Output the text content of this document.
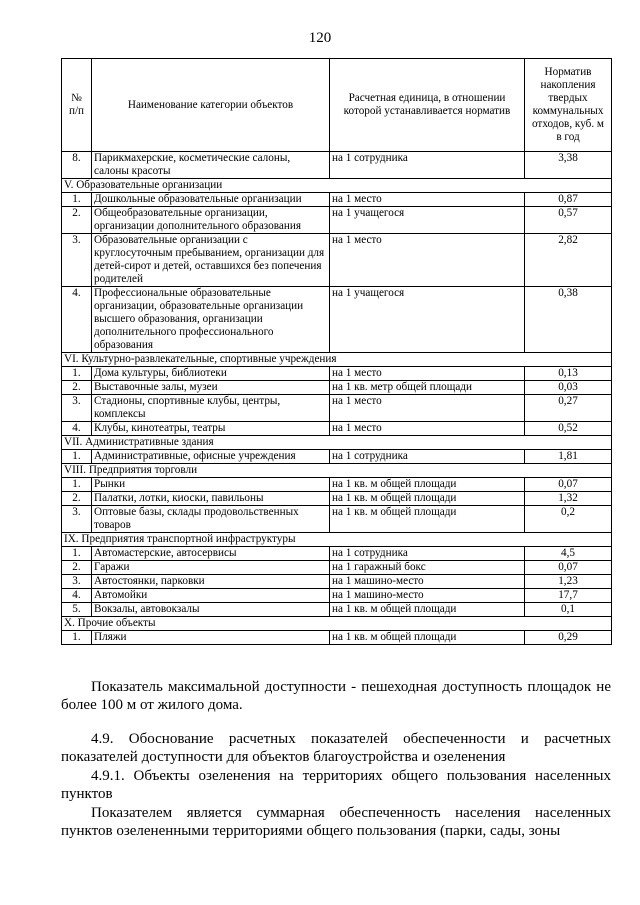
120
№ п/п	Наименование категории объектов	Расчетная единица, в отношении которой устанавливается норматив	Норматив накопления твердых коммунальных отходов, куб. м в год
8.	Парикмахерские, косметические салоны, салоны красоты	на 1 сотрудника	3,38
V. Образовательные организации			
1.	Дошкольные образовательные организации	на 1 место	0,87
2.	Общеобразовательные организации, организации дополнительного образования	на 1 учащегося	0,57
3.	Образовательные организации с круглосуточным пребыванием, организации для детей-сирот и детей, оставшихся без попечения родителей	на 1 место	2,82
4.	Профессиональные образовательные организации, образовательные организации высшего образования, организации дополнительного профессионального образования	на 1 учащегося	0,38
VI. Культурно-развлекательные, спортивные учреждения			
1.	Дома культуры, библиотеки	на 1 место	0,13
2.	Выставочные залы, музеи	на 1 кв. метр общей площади	0,03
3.	Стадионы, спортивные клубы, центры, комплексы	на 1 место	0,27
4.	Клубы, кинотеатры, театры	на 1 место	0,52
VII. Административные здания			
1.	Административные, офисные учреждения	на 1 сотрудника	1,81
VIII. Предприятия торговли			
1.	Рынки	на 1 кв. м общей площади	0,07
2.	Палатки, лотки, киоски, павильоны	на 1 кв. м общей площади	1,32
3.	Оптовые базы, склады продовольственных товаров	на 1 кв. м общей площади	0,2
IX. Предприятия транспортной инфраструктуры			
1.	Автомастерские, автосервисы	на 1 сотрудника	4,5
2.	Гаражи	на 1 гаражный бокс	0,07
3.	Автостоянки, парковки	на 1 машино-место	1,23
4.	Автомойки	на 1 машино-место	17,7
5.	Вокзалы, автовокзалы	на 1 кв. м общей площади	0,1
X. Прочие объекты			
1.	Пляжи	на 1 кв. м общей площади	0,29
Показатель максимальной доступности - пешеходная доступность площадок не более 100 м от жилого дома.
4.9. Обоснование расчетных показателей обеспеченности и расчетных показателей доступности для объектов благоустройства и озеленения
4.9.1. Объекты озеленения на территориях общего пользования населенных пунктов
Показателем является суммарная обеспеченность населения населенных пунктов озелененными территориями общего пользования (парки, сады, зоны
